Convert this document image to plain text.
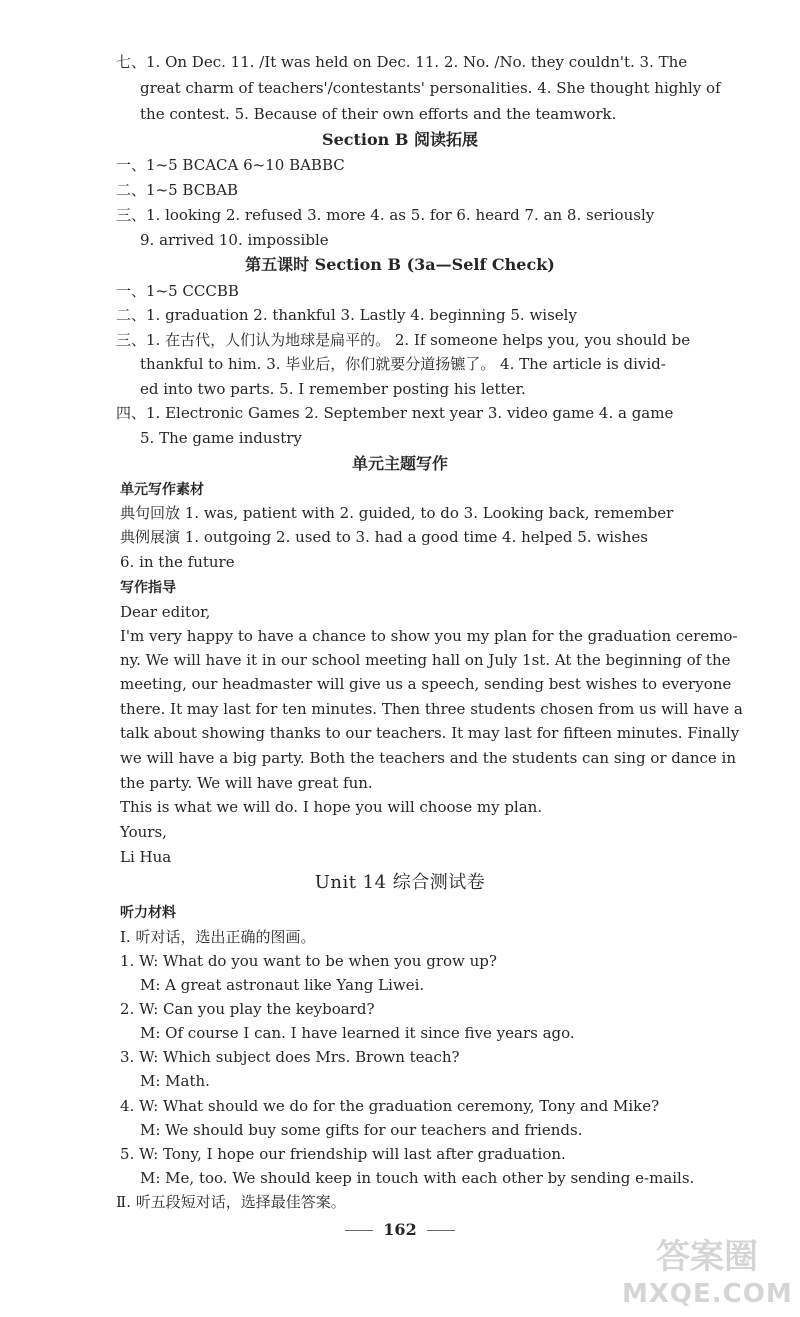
七、1. On Dec. 11. /It was held on Dec. 11. 2. No. /No. they couldn't. 3. The
great charm of teachers'/contestants' personalities. 4. She thought highly of
the contest. 5. Because of their own efforts and the teamwork.
Section B 阅读拓展
一、1~5 BCACA 6~10 BABBC
二、1~5 BCBAB
三、1. looking 2. refused 3. more 4. as 5. for 6. heard 7. an 8. seriously
9. arrived 10. impossible
第五课时 Section B (3a—Self Check)
一、1~5 CCCBB
二、1. graduation 2. thankful 3. Lastly 4. beginning 5. wisely
三、1. 在古代，人们认为地球是扁平的。 2. If someone helps you, you should be
thankful to him. 3. 毕业后，你们就要分道扬镳了。 4. The article is divid-
ed into two parts. 5. I remember posting his letter.
四、1. Electronic Games 2. September next year 3. video game 4. a game
5. The game industry
单元主题写作
单元写作素材
典句回放 1. was, patient with 2. guided, to do 3. Looking back, remember
典例展演 1. outgoing 2. used to 3. had a good time 4. helped 5. wishes
6. in the future
写作指导
Dear editor,
I'm very happy to have a chance to show you my plan for the graduation ceremo-
ny. We will have it in our school meeting hall on July 1st. At the beginning of the
meeting, our headmaster will give us a speech, sending best wishes to everyone
there. It may last for ten minutes. Then three students chosen from us will have a
talk about showing thanks to our teachers. It may last for fifteen minutes. Finally
we will have a big party. Both the teachers and the students can sing or dance in
the party. We will have great fun.
This is what we will do. I hope you will choose my plan.
Yours,
Li Hua
Unit 14 综合测试卷
听力材料
Ⅰ. 听对话，选出正确的图画。
1. W: What do you want to be when you grow up?
M: A great astronaut like Yang Liwei.
2. W: Can you play the keyboard?
M: Of course I can. I have learned it since five years ago.
3. W: Which subject does Mrs. Brown teach?
M: Math.
4. W: What should we do for the graduation ceremony, Tony and Mike?
M: We should buy some gifts for our teachers and friends.
5. W: Tony, I hope our friendship will last after graduation.
M: Me, too. We should keep in touch with each other by sending e-mails.
Ⅱ. 听五段短对话，选择最佳答案。
162
答案圈
MXQE.COM
